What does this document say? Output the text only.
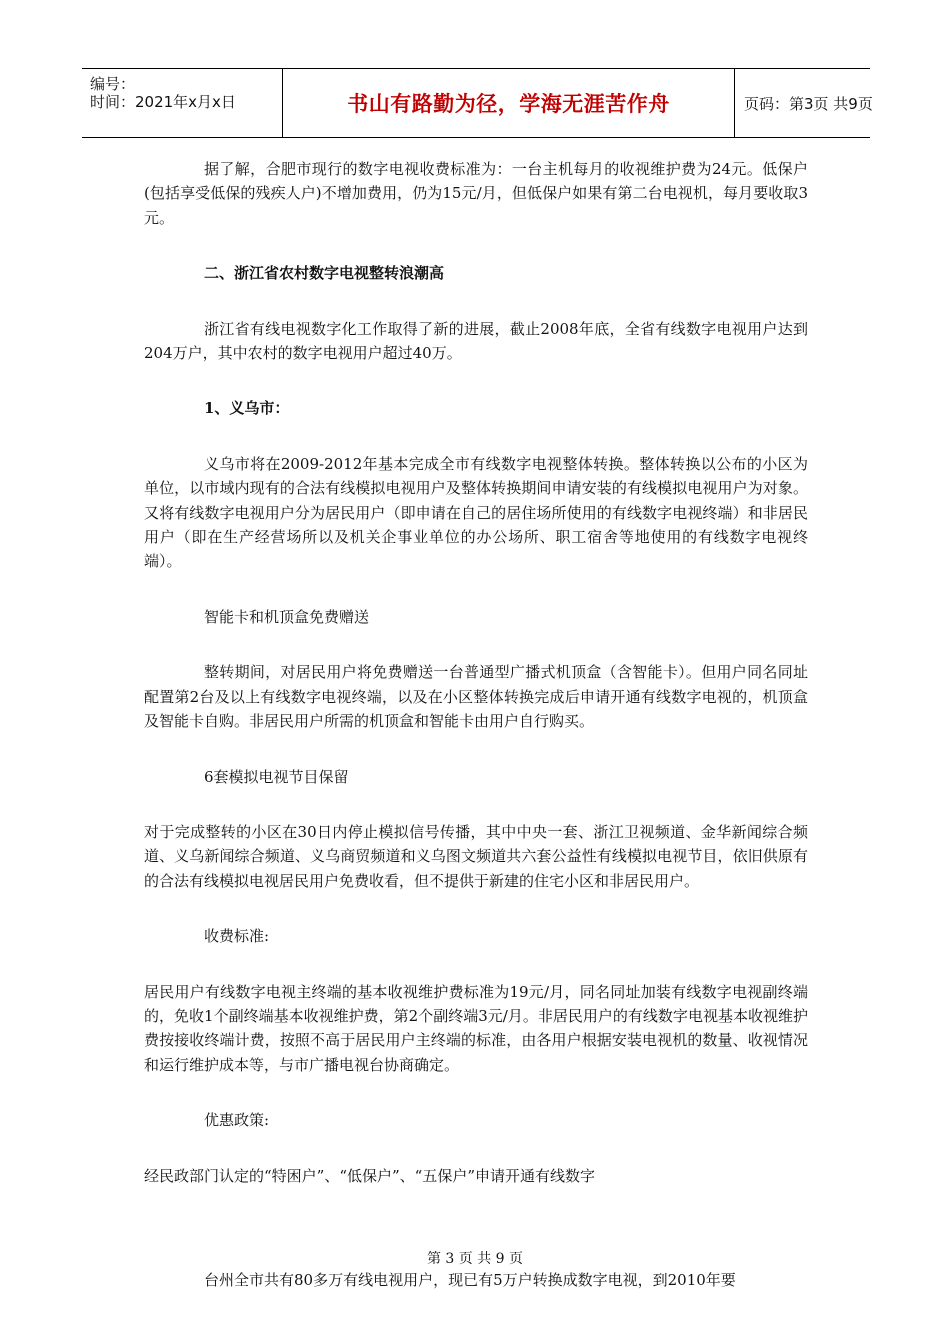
编号：
时间：2021年x月x日	书山有路勤为径，学海无涯苦作舟	页码：第3页 共9页

据了解，合肥市现行的数字电视收费标准为：一台主机每月的收视维护费为24元。低保户(包括享受低保的残疾人户)不增加费用，仍为15元/月，但低保户如果有第二台电视机，每月要收取3元。

二、浙江省农村数字电视整转浪潮高

浙江省有线电视数字化工作取得了新的进展，截止2008年底，全省有线数字电视用户达到204万户，其中农村的数字电视用户超过40万。

1、义乌市：

义乌市将在2009-2012年基本完成全市有线数字电视整体转换。整体转换以公布的小区为单位，以市域内现有的合法有线模拟电视用户及整体转换期间申请安装的有线模拟电视用户为对象。又将有线数字电视用户分为居民用户（即申请在自己的居住场所使用的有线数字电视终端）和非居民用户（即在生产经营场所以及机关企事业单位的办公场所、职工宿舍等地使用的有线数字电视终端）。

智能卡和机顶盒免费赠送

整转期间，对居民用户将免费赠送一台普通型广播式机顶盒（含智能卡）。但用户同名同址配置第2台及以上有线数字电视终端，以及在小区整体转换完成后申请开通有线数字电视的，机顶盒及智能卡自购。非居民用户所需的机顶盒和智能卡由用户自行购买。

6套模拟电视节目保留

对于完成整转的小区在30日内停止模拟信号传播，其中中央一套、浙江卫视频道、金华新闻综合频道、义乌新闻综合频道、义乌商贸频道和义乌图文频道共六套公益性有线模拟电视节目，依旧供原有的合法有线模拟电视居民用户免费收看，但不提供于新建的住宅小区和非居民用户。

收费标准:

居民用户有线数字电视主终端的基本收视维护费标准为19元/月，同名同址加装有线数字电视副终端的，免收1个副终端基本收视维护费，第2个副终端3元/月。非居民用户的有线数字电视基本收视维护费按接收终端计费，按照不高于居民用户主终端的标准，由各用户根据安装电视机的数量、收视情况和运行维护成本等，与市广播电视台协商确定。

优惠政策:

经民政部门认定的“特困户”、“低保户”、“五保户”申请开通有线数字

台州全市共有80多万有线电视用户，现已有5万户转换成数字电视，到2010年要

第 3 页 共 9 页
